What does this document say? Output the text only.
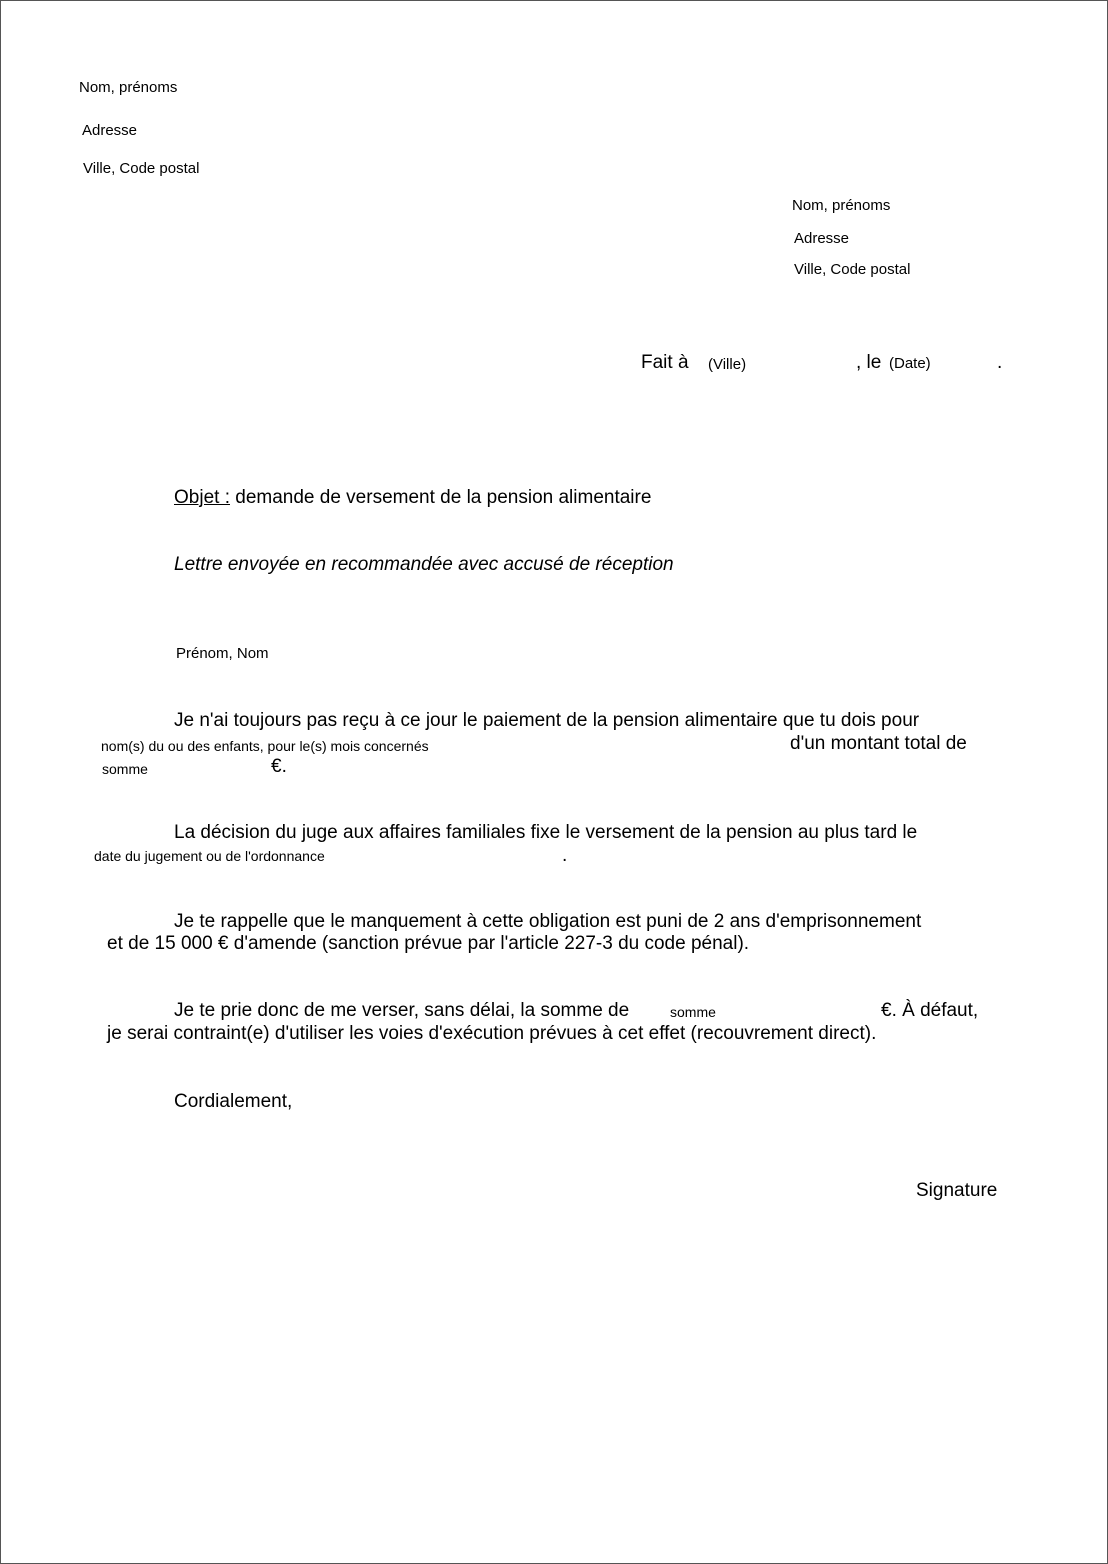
Nom, prénoms
Adresse
Ville, Code postal
Nom, prénoms
Adresse
Ville, Code postal
Fait à (Ville)	, le (Date)	.
Objet : demande de versement de la pension alimentaire
Lettre envoyée en recommandée avec accusé de réception
Prénom, Nom
Je n'ai toujours pas reçu à ce jour le paiement de la pension alimentaire que tu dois pour
nom(s) du ou des enfants, pour le(s) mois concernés	d'un montant total de
somme	€.
La décision du juge aux affaires familiales fixe le versement de la pension au plus tard le
date du jugement ou de l'ordonnance	.
Je te rappelle que le manquement à cette obligation est puni de 2 ans d'emprisonnement
et de 15 000 € d'amende (sanction prévue par l'article 227-3 du code pénal).
Je te prie donc de me verser, sans délai, la somme de	somme	€. À défaut,
je serai contraint(e) d'utiliser les voies d'exécution prévues à cet effet (recouvrement direct).
Cordialement,
Signature
